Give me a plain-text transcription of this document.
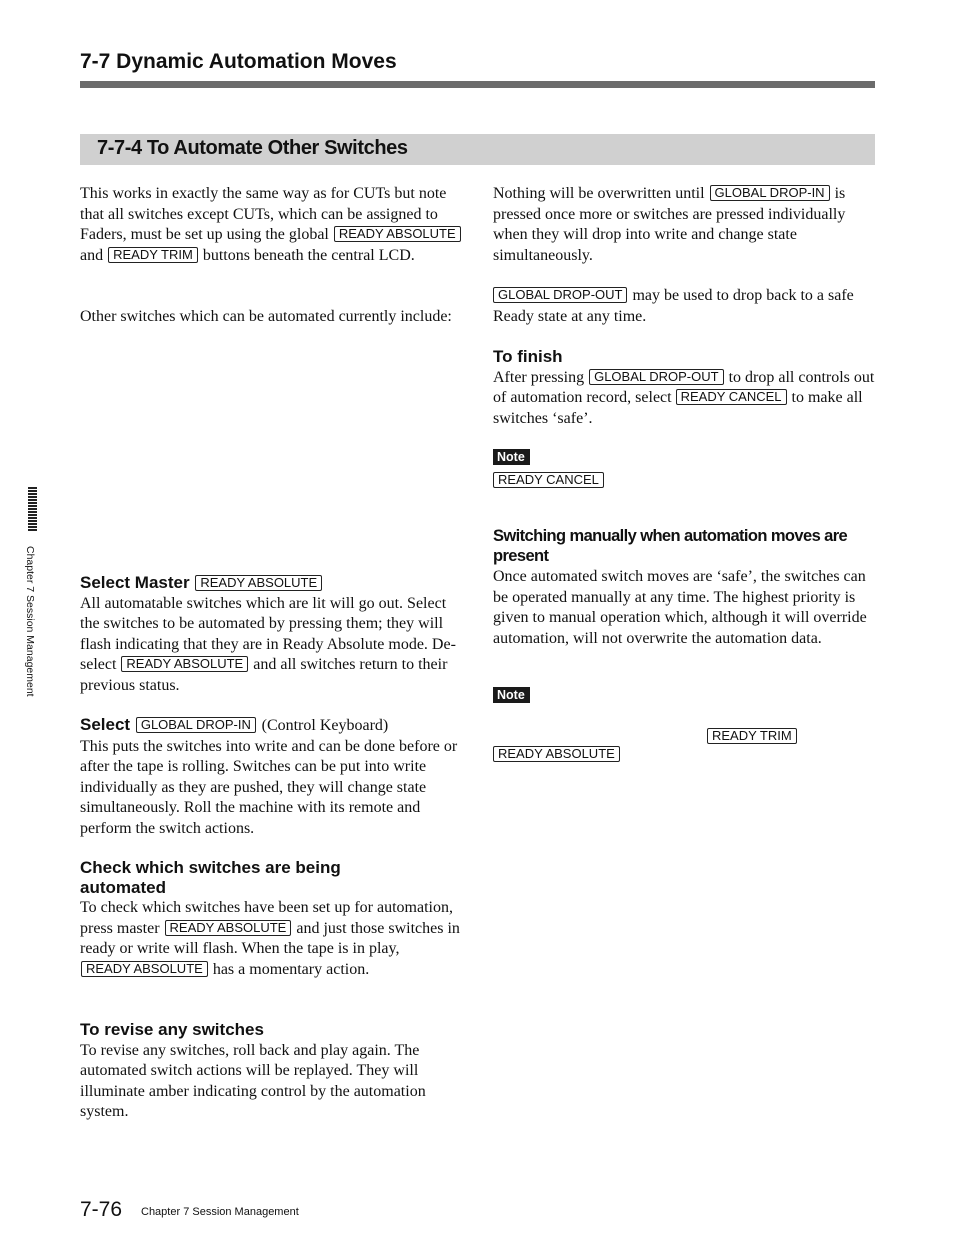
7-7 Dynamic Automation Moves
7-7-4 To Automate Other Switches

This works in exactly the same way as for CUTs but note that all switches except CUTs, which can be assigned to Faders, must be set up using the global READY ABSOLUTE and READY TRIM buttons beneath the central LCD.

Other switches which can be automated currently include:

Select Master READY ABSOLUTE

All automatable switches which are lit will go out. Select the switches to be automated by pressing them; they will flash indicating that they are in Ready Absolute mode. De-select READY ABSOLUTE and all switches return to their previous status.

Select GLOBAL DROP-IN (Control Keyboard)

This puts the switches into write and can be done before or after the tape is rolling. Switches can be put into write individually as they are pushed, they will change state simultaneously. Roll the machine with its remote and perform the switch actions.

Check which switches are being automated

To check which switches have been set up for automation, press master READY ABSOLUTE and just those switches in ready or write will flash. When the tape is in play, READY ABSOLUTE has a momentary action.

To revise any switches

To revise any switches, roll back and play again. The automated switch actions will be replayed. They will illuminate amber indicating control by the automation system.

Nothing will be overwritten until GLOBAL DROP-IN is pressed once more or switches are pressed individually when they will drop into write and change state simultaneously.

GLOBAL DROP-OUT may be used to drop back to a safe Ready state at any time.

To finish

After pressing GLOBAL DROP-OUT to drop all controls out of automation record, select READY CANCEL to make all switches ‘safe’.

Note
READY CANCEL

Switching manually when automation moves are present

Once automated switch moves are ‘safe’, the switches can be operated manually at any time. The highest priority is given to manual operation which, although it will override automation, will not overwrite the automation data.

Note
READY TRIM
READY ABSOLUTE
Chapter 7 Session Management
7-76 Chapter 7 Session Management
